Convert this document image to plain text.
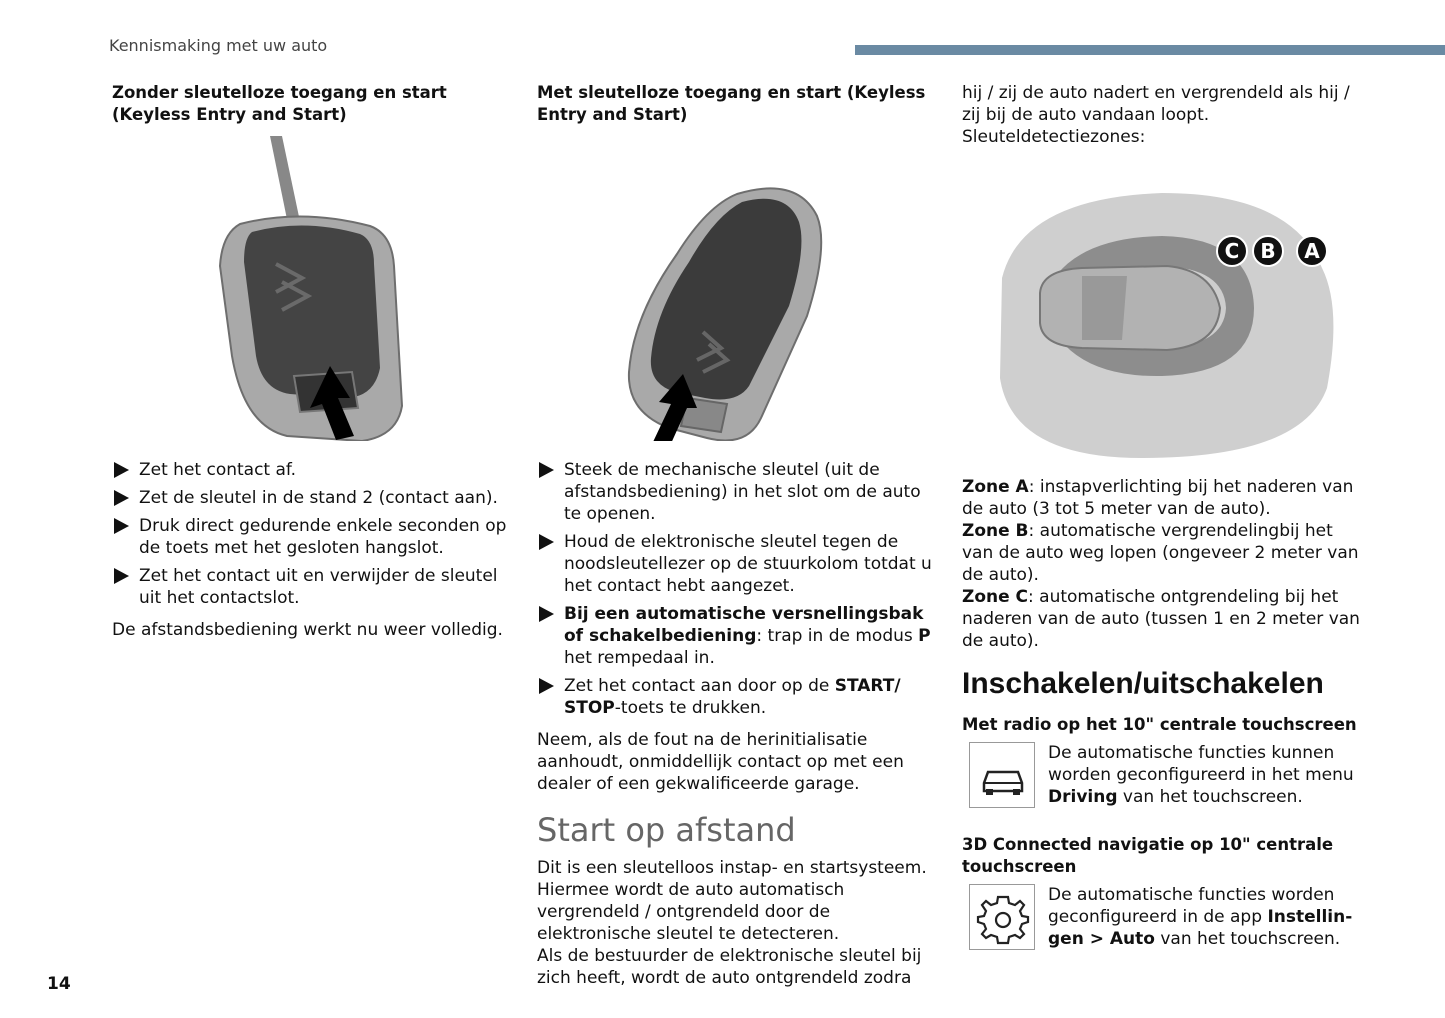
Kennismaking met uw auto
Zonder sleutelloze toegang en start (Keyless Entry and Start)
Zet het contact af.
Zet de sleutel in de stand 2 (contact aan).
Druk direct gedurende enkele seconden op de toets met het gesloten hangslot.
Zet het contact uit en verwijder de sleutel uit het contactslot.

De afstandsbediening werkt nu weer volledig.

Met sleutelloze toegang en start (Keyless Entry and Start)
Steek de mechanische sleutel (uit de afstandsbediening) in het slot om de auto te openen.
Houd de elektronische sleutel tegen de noodsleutellezer op de stuurkolom totdat u het contact hebt aangezet.
Bij een automatische versnellingsbak of schakelbediening: trap in de modus P het rempedaal in.
Zet het contact aan door op de START/ STOP-toets te drukken.

Neem, als de fout na de herinitialisatie aanhoudt, onmiddellijk contact op met een dealer of een gekwalificeerde garage.

Start op afstand

Dit is een sleutelloos instap- en startsysteem. Hiermee wordt de auto automatisch vergrendeld / ontgrendeld door de elektronische sleutel te detecteren.

Als de bestuurder de elektronische sleutel bij zich heeft, wordt de auto ontgrendeld zodra

hij / zij de auto nadert en vergrendeld als hij / zij bij de auto vandaan loopt.

Sleuteldetectiezones:

C B A

Zone A: instapverlichting bij het naderen van de auto (3 tot 5 meter van de auto).

Zone B: automatische vergrendelingbij het van de auto weg lopen (ongeveer 2 meter van de auto).

Zone C: automatische ontgrendeling bij het naderen van de auto (tussen 1 en 2 meter van de auto).

Inschakelen/uitschakelen
Met radio op het 10" centrale touchscreen

De automatische functies kunnen worden geconfigureerd in het menu Driving van het touchscreen.

3D Connected navigatie op 10" centrale touchscreen

De automatische functies worden geconfigureerd in de app Instellin-gen > Auto van het touchscreen.

14
